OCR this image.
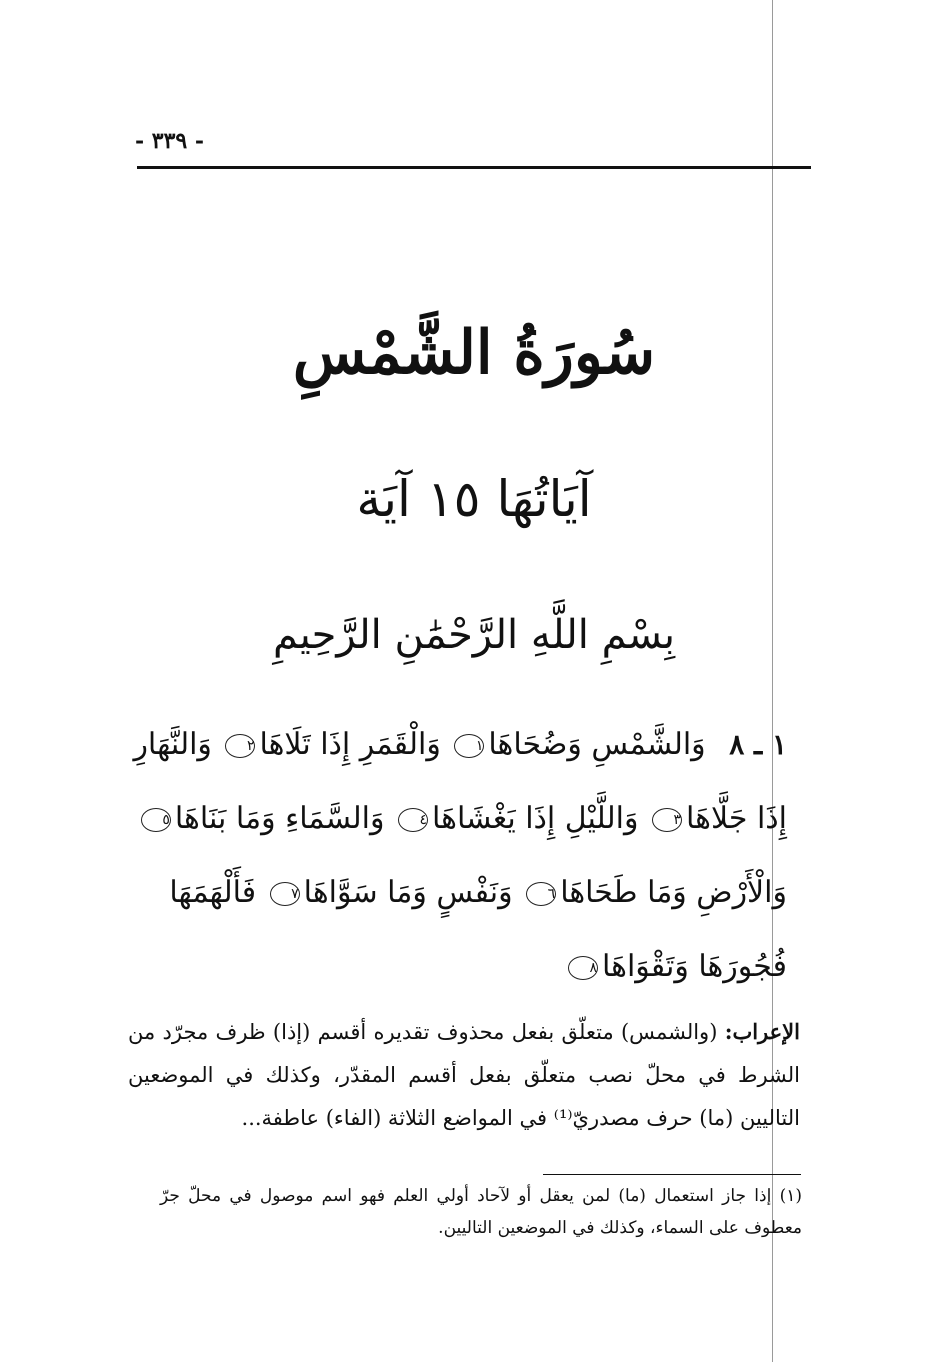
- ٣٣٩ -
سُورَةُ الشَّمْسِ
آيَاتُهَا ١٥ آيَة
بِسْمِ اللَّهِ الرَّحْمَٰنِ الرَّحِيمِ
١ ـ ٨ وَالشَّمْسِ وَضُحَاهَا١ وَالْقَمَرِ إِذَا تَلَاهَا٢ وَالنَّهَارِ
إِذَا جَلَّاهَا٣ وَاللَّيْلِ إِذَا يَغْشَاهَا٤ وَالسَّمَاءِ وَمَا بَنَاهَا٥
وَالْأَرْضِ وَمَا طَحَاهَا٦ وَنَفْسٍ وَمَا سَوَّاهَا٧ فَأَلْهَمَهَا
فُجُورَهَا وَتَقْوَاهَا٨
الإعراب: (والشمس) متعلّق بفعل محذوف تقديره أقسم (إذا) ظرف مجرّد من الشرط في محلّ نصب متعلّق بفعل أقسم المقدّر، وكذلك في الموضعين التاليين (ما) حرف مصدريّ⁽¹⁾ في المواضع الثلاثة (الفاء) عاطفة...
(١) إذا جاز استعمال (ما) لمن يعقل أو لآحاد أولي العلم فهو اسم موصول في محلّ جرّ معطوف على السماء، وكذلك في الموضعين التاليين.
